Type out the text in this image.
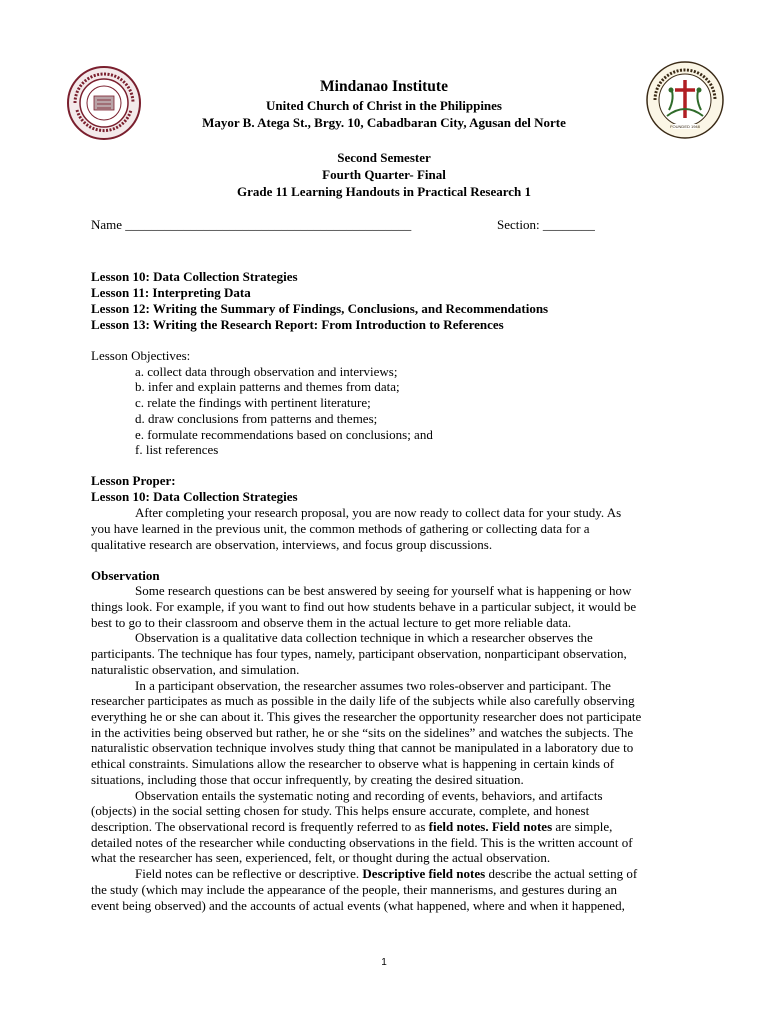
FOUNDED 1948
Mindanao Institute
United Church of Christ in the Philippines
Mayor B. Atega St., Brgy. 10, Cabadbaran City, Agusan del Norte
Second Semester
Fourth Quarter- Final
Grade 11 Learning Handouts in Practical Research 1
Name ____________________________________________	Section: ________
Lesson 10: Data Collection Strategies
Lesson 11: Interpreting Data
Lesson 12: Writing the Summary of Findings, Conclusions, and Recommendations
Lesson 13: Writing the Research Report: From Introduction to References
Lesson Objectives:
a. collect data through observation and interviews;
b. infer and explain patterns and themes from data;
c. relate the findings with pertinent literature;
d. draw conclusions from patterns and themes;
e. formulate recommendations based on conclusions; and
f. list references
Lesson Proper:
Lesson 10: Data Collection Strategies
After completing your research proposal, you are now ready to collect data for your study. As
you have learned in the previous unit, the common methods of gathering or collecting data for a
qualitative research are observation, interviews, and focus group discussions.
Observation
Some research questions can be best answered by seeing for yourself what is happening or how
things look. For example, if you want to find out how students behave in a particular subject, it would be
best to go to their classroom and observe them in the actual lecture to get more reliable data.
Observation is a qualitative data collection technique in which a researcher observes the
participants. The technique has four types, namely, participant observation, nonparticipant observation,
naturalistic observation, and simulation.
In a participant observation, the researcher assumes two roles-observer and participant. The
researcher participates as much as possible in the daily life of the subjects while also carefully observing
everything he or she can about it. This gives the researcher the opportunity researcher does not participate
in the activities being observed but rather, he or she “sits on the sidelines” and watches the subjects. The
naturalistic observation technique involves study thing that cannot be manipulated in a laboratory due to
ethical constraints. Simulations allow the researcher to observe what is happening in certain kinds of
situations, including those that occur infrequently, by creating the desired situation.
Observation entails the systematic noting and recording of events, behaviors, and artifacts
(objects) in the social setting chosen for study. This helps ensure accurate, complete, and honest
description. The observational record is frequently referred to as field notes. Field notes are simple,
detailed notes of the researcher while conducting observations in the field. This is the written account of
what the researcher has seen, experienced, felt, or thought during the actual observation.
Field notes can be reflective or descriptive. Descriptive field notes describe the actual setting of
the study (which may include the appearance of the people, their mannerisms, and gestures during an
event being observed) and the accounts of actual events (what happened, where and when it happened,
1
